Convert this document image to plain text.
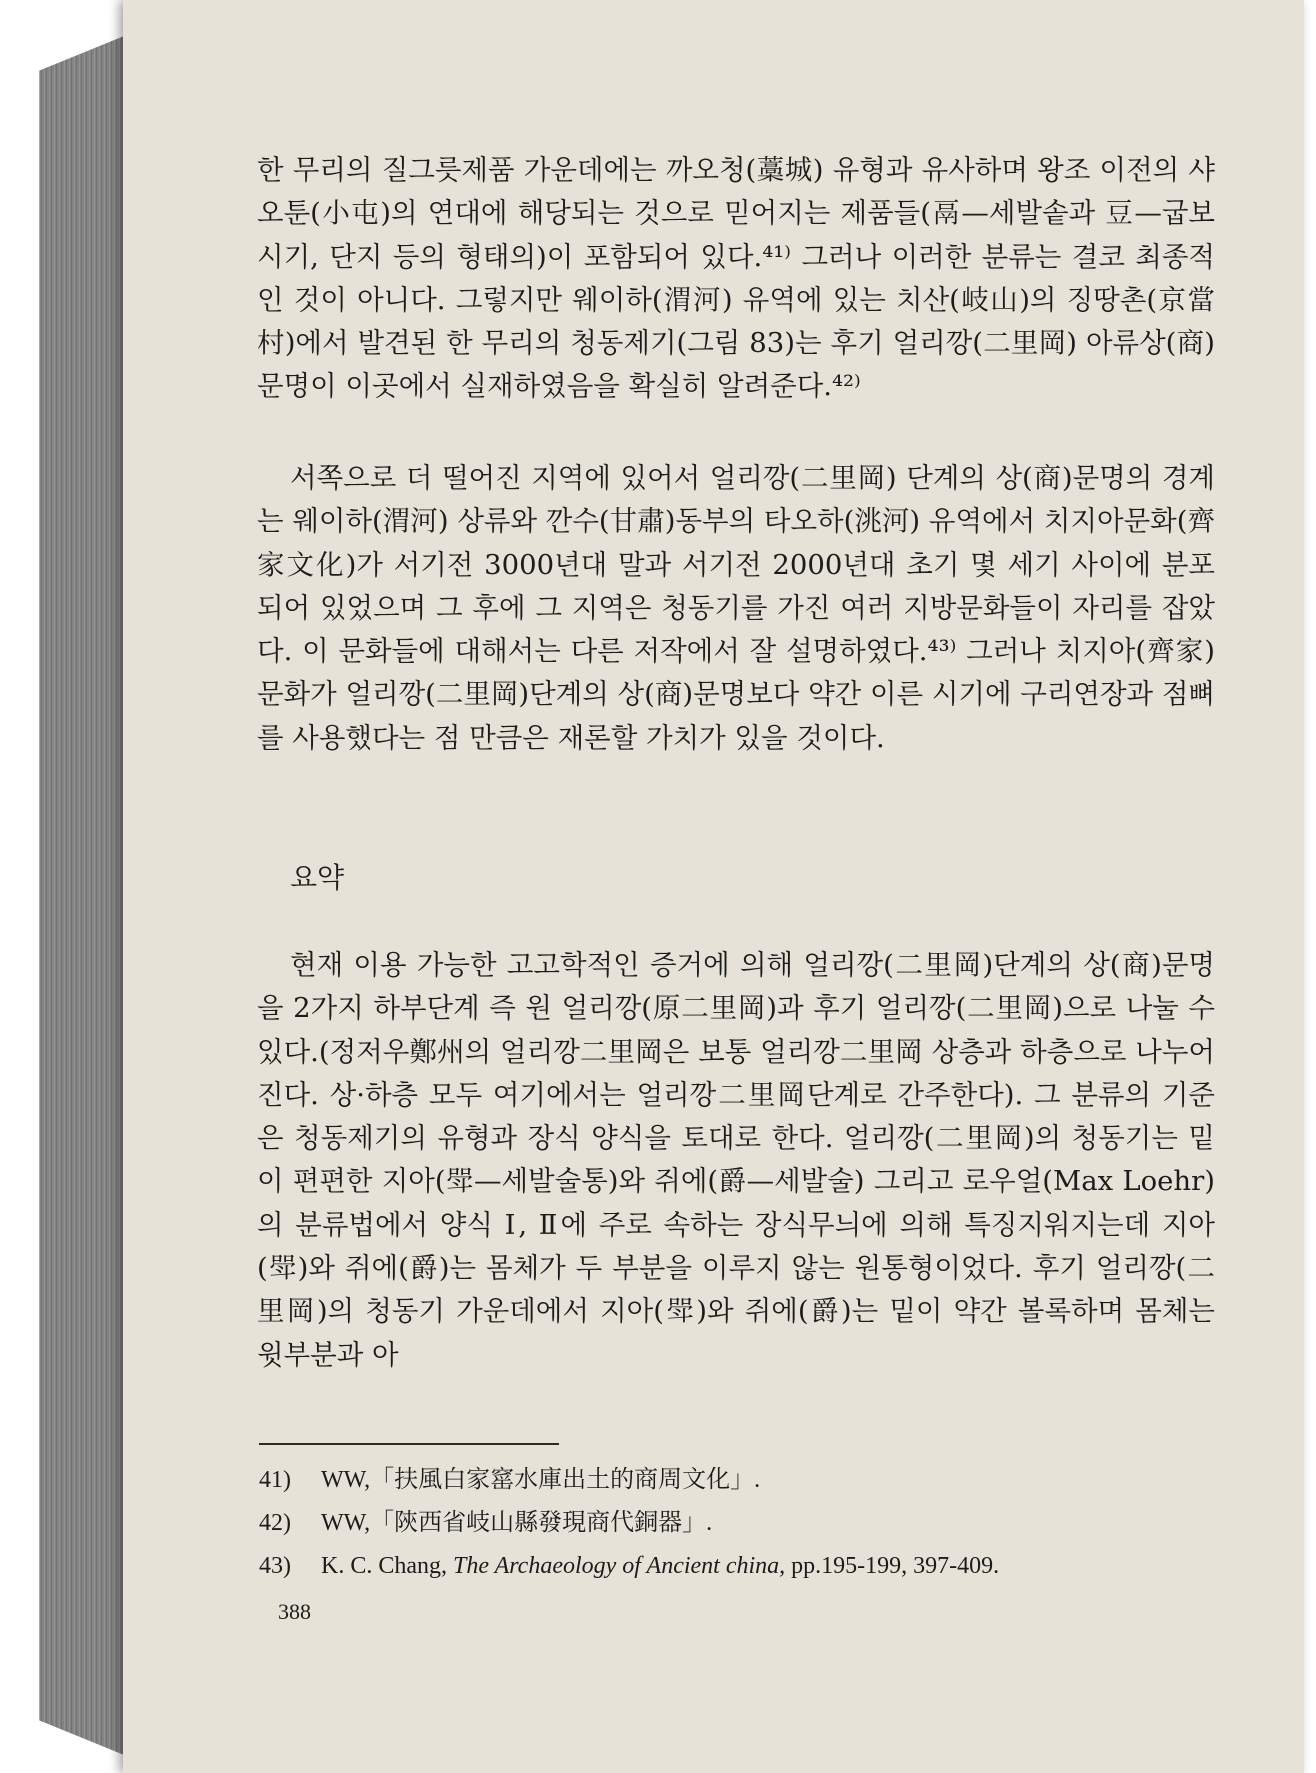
한 무리의 질그릇제품 가운데에는 까오청(藁城) 유형과 유사하며 왕조 이전의 샤오툰(小屯)의 연대에 해당되는 것으로 믿어지는 제품들(鬲—세발솥과 豆—굽보시기, 단지 등의 형태의)이 포함되어 있다.⁴¹⁾ 그러나 이러한 분류는 결코 최종적인 것이 아니다. 그렇지만 웨이하(渭河) 유역에 있는 치산(岐山)의 징땅촌(京當村)에서 발견된 한 무리의 청동제기(그림 83)는 후기 얼리깡(二里岡) 아류상(商) 문명이 이곳에서 실재하였음을 확실히 알려준다.⁴²⁾

서쪽으로 더 떨어진 지역에 있어서 얼리깡(二里岡) 단계의 상(商)문명의 경계는 웨이하(渭河) 상류와 깐수(甘肅)동부의 타오하(洮河) 유역에서 치지아문화(齊家文化)가 서기전 3000년대 말과 서기전 2000년대 초기 몇 세기 사이에 분포되어 있었으며 그 후에 그 지역은 청동기를 가진 여러 지방문화들이 자리를 잡았다. 이 문화들에 대해서는 다른 저작에서 잘 설명하였다.⁴³⁾ 그러나 치지아(齊家)문화가 얼리깡(二里岡)단계의 상(商)문명보다 약간 이른 시기에 구리연장과 점뼈를 사용했다는 점 만큼은 재론할 가치가 있을 것이다.

요약

현재 이용 가능한 고고학적인 증거에 의해 얼리깡(二里岡)단계의 상(商)문명을 2가지 하부단계 즉 원 얼리깡(原二里岡)과 후기 얼리깡(二里岡)으로 나눌 수 있다.(정저우鄭州의 얼리깡二里岡은 보통 얼리깡二里岡 상층과 하층으로 나누어진다. 상·하층 모두 여기에서는 얼리깡二里岡단계로 간주한다). 그 분류의 기준은 청동제기의 유형과 장식 양식을 토대로 한다. 얼리깡(二里岡)의 청동기는 밑이 편편한 지아(斝—세발술통)와 쥐에(爵—세발술) 그리고 로우얼(Max Loehr)의 분류법에서 양식 Ⅰ, Ⅱ에 주로 속하는 장식무늬에 의해 특징지워지는데 지아(斝)와 쥐에(爵)는 몸체가 두 부분을 이루지 않는 원통형이었다. 후기 얼리깡(二里岡)의 청동기 가운데에서 지아(斝)와 쥐에(爵)는 밑이 약간 볼록하며 몸체는 윗부분과 아

41) WW,「扶風白家窰水庫出土的商周文化」.
42) WW,「陝西省岐山縣發現商代銅器」.
43) K. C. Chang, The Archaeology of Ancient china, pp.195-199, 397-409.
388
